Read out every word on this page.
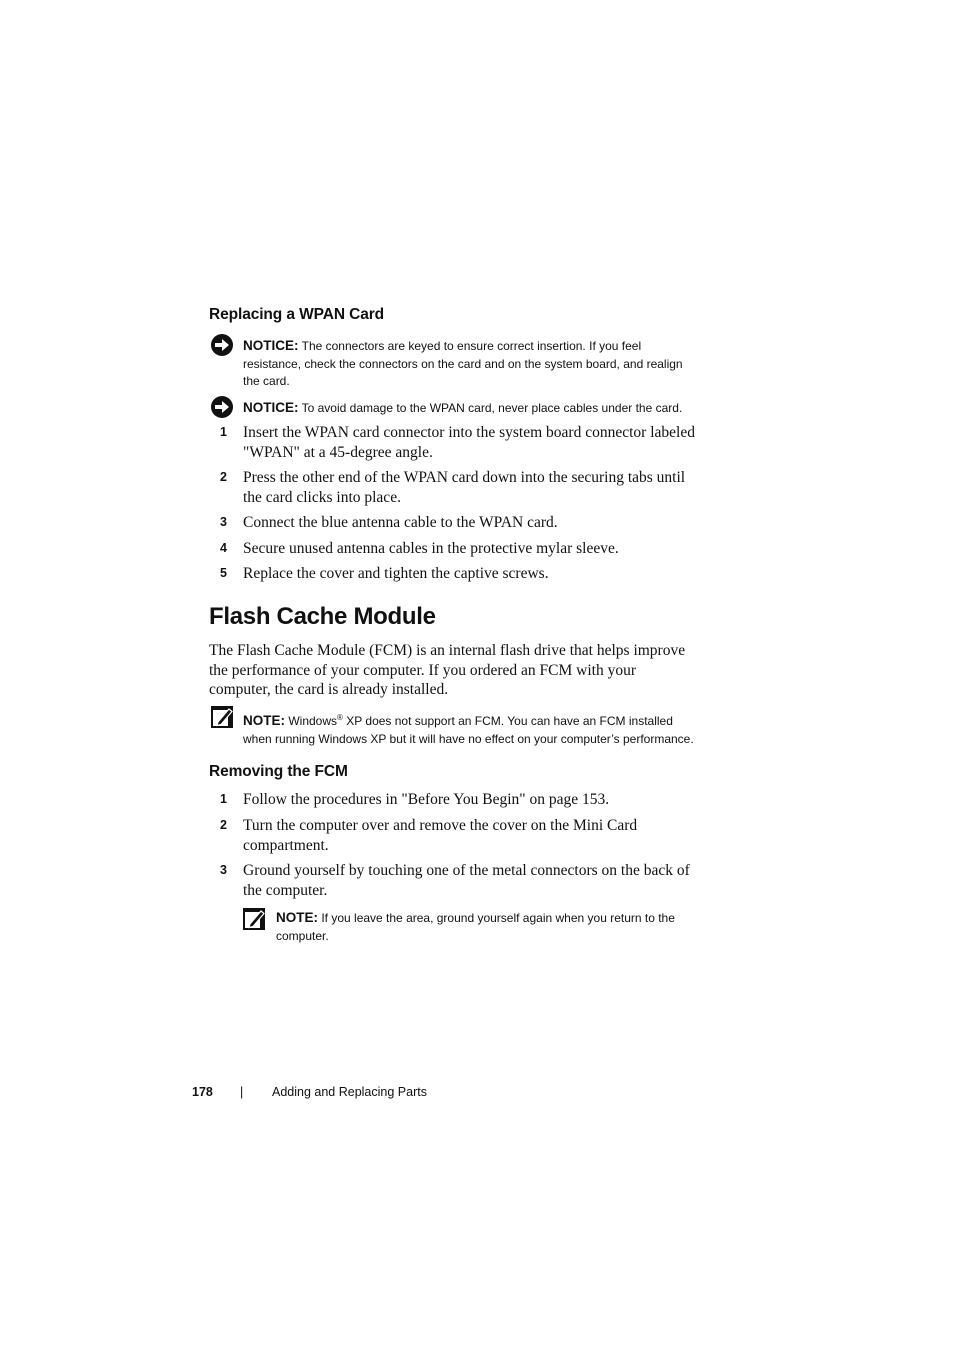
Replacing a WPAN Card
NOTICE: The connectors are keyed to ensure correct insertion. If you feel
resistance, check the connectors on the card and on the system board, and realign
the card.
NOTICE: To avoid damage to the WPAN card, never place cables under the card.
1 Insert the WPAN card connector into the system board connector labeled
"WPAN" at a 45-degree angle.
2 Press the other end of the WPAN card down into the securing tabs until
the card clicks into place.
3 Connect the blue antenna cable to the WPAN card.
4 Secure unused antenna cables in the protective mylar sleeve.
5 Replace the cover and tighten the captive screws.
Flash Cache Module
The Flash Cache Module (FCM) is an internal flash drive that helps improve
the performance of your computer. If you ordered an FCM with your
computer, the card is already installed.
NOTE: Windows® XP does not support an FCM. You can have an FCM installed
when running Windows XP but it will have no effect on your computer’s performance.
Removing the FCM
1 Follow the procedures in "Before You Begin" on page 153.
2 Turn the computer over and remove the cover on the Mini Card
compartment.
3 Ground yourself by touching one of the metal connectors on the back of
the computer.
NOTE: If you leave the area, ground yourself again when you return to the
computer.
178 | Adding and Replacing Parts
